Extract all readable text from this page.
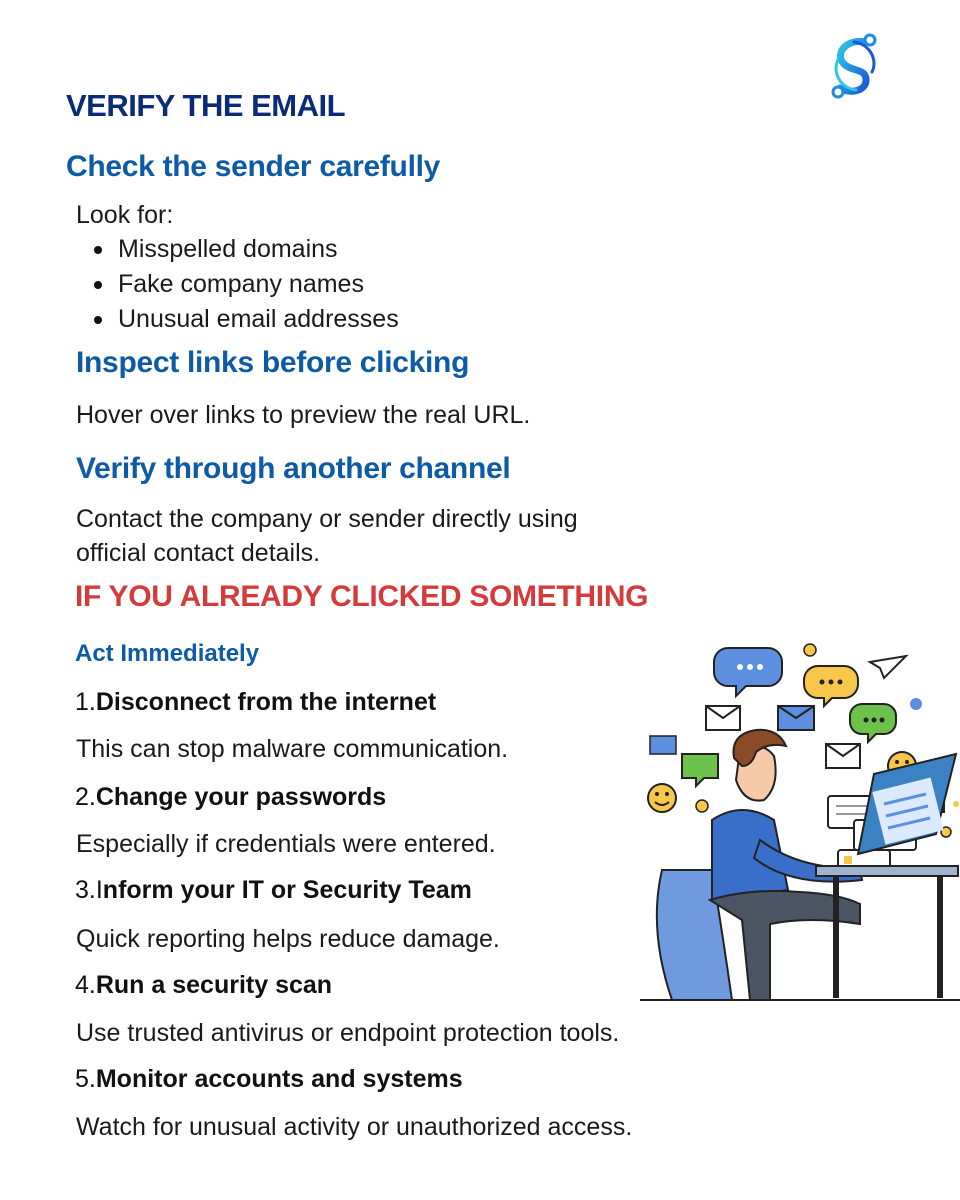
VERIFY THE EMAIL
Check the sender carefully

Look for:

Misspelled domains
Fake company names
Unusual email addresses
Inspect links before clicking

Hover over links to preview the real URL.

Verify through another channel

Contact the company or sender directly using

official contact details.

IF YOU ALREADY CLICKED SOMETHING
Act Immediately

1.Disconnect from the internet

This can stop malware communication.

2.Change your passwords

Especially if credentials were entered.

3.Inform your IT or Security Team

Quick reporting helps reduce damage.

4.Run a security scan

Use trusted antivirus or endpoint protection tools.

5.Monitor accounts and systems

Watch for unusual activity or unauthorized access.
